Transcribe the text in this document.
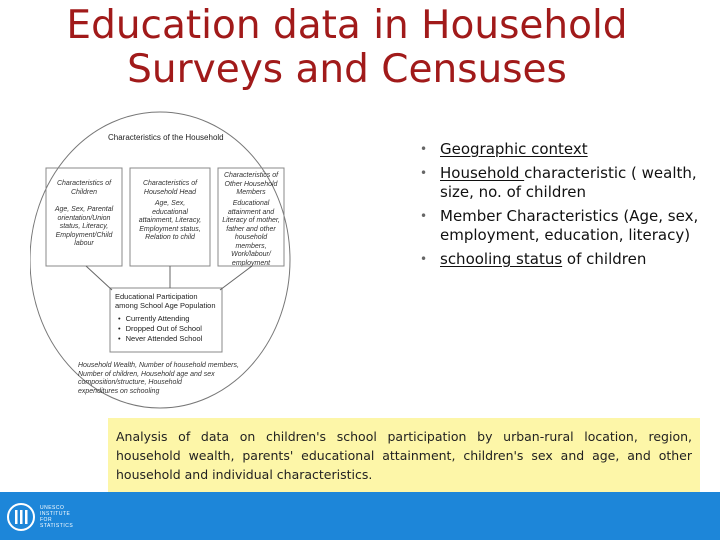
Education data in Household
Surveys and Censuses
Characteristics of the Household
Characteristics of Children
Age, Sex, Parental
orientation/Union
status, Literacy,
Employment/Child
labour
Characteristics of Household Head
Age, Sex,
educational
attainment, Literacy,
Employment status,
Relation to child
Characteristics of Other Household Members
Educational
attainment and
Literacy of mother,
father and other
household
members,
Work/labour/
employment
Educational Participation among School Age Population
• Currently Attending
• Dropped Out of School
• Never Attended School
Household Wealth, Number of household members,
Number of children, Household age and sex
composition/structure, Household
expenditures on schooling
• Geographic context
• Household characteristic ( wealth, size, no. of children
• Member Characteristics (Age, sex, employment, education, literacy)
• schooling status of children

Analysis of data on children's school participation by urban-rural location, region, household wealth, parents' educational attainment, children's sex and age, and other household and individual characteristics.

UNESCO
INSTITUTE
FOR
STATISTICS
